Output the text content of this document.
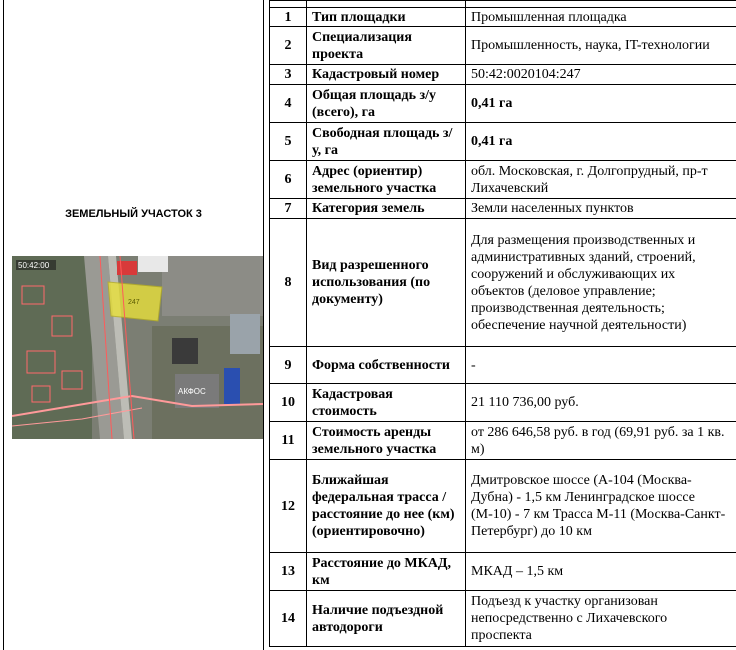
ЗЕМЕЛЬНЫЙ УЧАСТОК 3
50:42:00
247
АКФОС

1	Тип площадки	Промышленная площадка
2	Специализация проекта	Промышленность, наука, IT-технологии
3	Кадастровый номер	50:42:0020104:247
4	Общая площадь з/у (всего), га	0,41 га
5	Свободная площадь з/у, га	0,41 га
6	Адрес (ориентир) земельного участка	обл. Московская, г. Долгопрудный, пр-т Лихачевский
7	Категория земель	Земли населенных пунктов
8	Вид разрешенного использования (по документу)	Для размещения производственных и административных зданий, строений, сооружений и обслуживающих их объектов (деловое управление; производственная деятельность; обеспечение научной деятельности)
9	Форма собственности	-
10	Кадастровая стоимость	21 110 736,00 руб.
11	Стоимость аренды земельного участка	от 286 646,58 руб. в год (69,91 руб. за 1 кв. м)
12	Ближайшая федеральная трасса / расстояние до нее (км) (ориентировочно)	Дмитровское шоссе (А-104 (Москва-Дубна) - 1,5 км Ленинградское шоссе (М-10) - 7 км Трасса М-11 (Москва-Санкт-Петербург) до 10 км
13	Расстояние до МКАД, км	МКАД – 1,5 км
14	Наличие подъездной автодороги	Подъезд к участку организован непосредственно с Лихачевского проспекта
